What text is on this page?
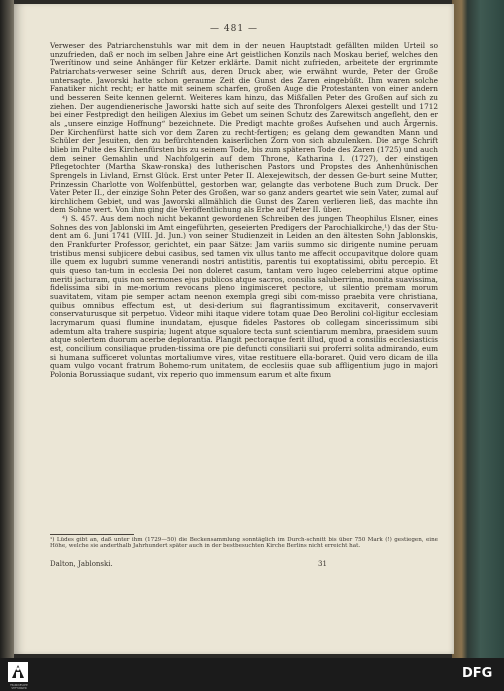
— 481 —

Verweser des Patriarchenstuhls war mit dem in der neuen Hauptstadt gefällten milden Urteil so unzufrieden, daß er noch im selben Jahre eine Art geistlichen Konzils nach Moskau berief, welches den Twerítinow und seine Anhänger für Ketzer erklärte. Damit nicht zufrieden, arbeitete der ergrimmte Patriarchats-verweser seine Schrift aus, deren Druck aber, wie erwähnt wurde, Peter der Große untersagte. Jaworski hatte schon geraume Zeit die Gunst des Zaren eingebüßt. Ihm waren solche Fanatiker nicht recht; er hatte mit seinem scharfen, großen Auge die Protestanten von einer andern und besseren Seite kennen gelernt. Weiteres kam hinzu, das Mißfallen Peter des Großen auf sich zu ziehen. Der augendienerische Jaworski hatte sich auf seite des Thronfolgers Alexei gestellt und 1712 bei einer Festpredigt den heiligen Alexius im Gebet um seinen Schutz des Zarewitsch angefleht, den er als „unsere einzige Hoffnung“ bezeichnete. Die Predigt machte großes Aufsehen und auch Ärgernis. Der Kirchenfürst hatte sich vor dem Zaren zu recht-fertigen; es gelang dem gewandten Mann und Schüler der Jesuiten, den zu befürchtenden kaiserlichen Zorn von sich abzulenken. Die arge Schrift blieb im Pulte des Kirchenfürsten bis zu seinem Tode, bis zum späteren Tode des Zaren (1725) und auch dem seiner Gemahlin und Nachfolgerin auf dem Throne, Katharina I. (1727), der einstigen Pflegetochter (Martha Skaw-ronska) des lutherischen Pastors und Propstes des Anhenhünischen Sprengels in Livland, Ernst Glück. Erst unter Peter II. Alexejewitsch, der dessen Ge-burt seine Mutter, Prinzessin Charlotte von Wolfenbüttel, gestorben war, gelangte das verbotene Buch zum Druck. Der Vater Peter II., der einzige Sohn Peter des Großen, war so ganz anders geartet wie sein Vater, zumal auf kirchlichem Gebiet, und was Jaworski allmählich die Gunst des Zaren verlieren ließ, das machte ihn dem Sohne wert. Von ihm ging die Veröffentlichung als Erbe auf Peter II. über.

⁴) S. 457. Aus dem noch nicht bekannt gewordenen Schreiben des jungen Theophilus Elsner, eines Sohnes des von Jablonski im Amt eingeführten, geseierten Predigers der Parochialkirche,¹) das der Stu-dent am 6. Juni 1741 (VIII. Jd. Jun.) von seiner Studienzeit in Leiden an den ältesten Sohn Jablonskis, den Frankfurter Professor, gerichtet, ein paar Sätze: Jam variis summo sic dirigente numine peruam tristibus mensi subjicere debui casibus, sed tamen vix ullus tanto me affecit occupavitque dolore quam ille quem ex lugubri summe venerandi nostri antistitis, parentis tui exoptatissimi, obitu percepio. Et quis queso tan-tum in ecclesia Dei non doleret casum, tantam vero lugeo celeberrimi atque optime meriti jacturam, quis non sermones ejus publicos atque sacros, consilia saluberrima, monita suavissima, fidelissima sibi in me-morium revocans pleno ingimisceret pectore, ut silentio premam morum suavitatem, vitam pie semper actam neenon exempla gregi sibi com-misso praebita vere christiana, quibus omnibus effectum est, ut desi-derium sui flagrantissimum excitaverit, conservaverit conservaturusque sit perpetuo. Videor mihi itaque videre totam quae Deo Berolini col-ligitur ecclesiam lacrymarum quasi flumine inundatam, ejusque fideles Pastores ob collegam sincerissimum sibi ademtum alta trahere suspiria; lugent atque squalore tecta sunt scientiarum membra, praesidem suum atque solertem duorum acerbe deplorantia. Plangit pectoraque ferit illud, quod a consiliis ecclesiasticis est, concilium consiliaque pruden-tissima ore pie defuncti consiliarii sui proferri solita admirando, eum si humana sufficeret voluntas mortaliumve vires, vitae restituere ella-boraret. Quid vero dicam de illa quam vulgo vocant fratrum Bohemo-rum unitatem, de ecclesiis quae sub affligentium jugo in majori Polonia Borussiaque sudant, vix reperio quo immensum earum et alte fixum

¹) Lüdes gibt an, daß unter ihm (1729—50) die Beckensammlung sonntäglich im Durch-schnitt bis über 750 Mark (!) gestiegen, eine Höhe, welche sie anderthalb Jahrhundert später auch in der bestbesuchten Kirche Berlins nicht erreicht hat.
Dalton, Jablonski.	31
FRANCKESCHE STIFTUNGEN
DFG
